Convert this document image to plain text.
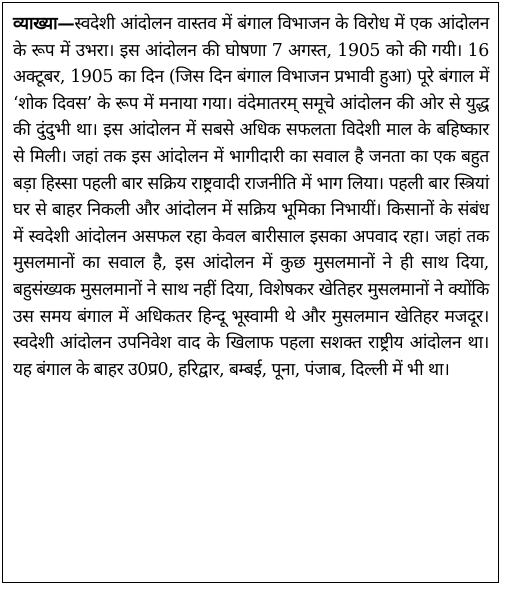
व्याख्या—स्वदेशी आंदोलन वास्तव में बंगाल विभाजन के विरोध में एक आंदोलन के रूप में उभरा। इस आंदोलन की घोषणा 7 अगस्त, 1905 को की गयी। 16 अक्टूबर, 1905 का दिन (जिस दिन बंगाल विभाजन प्रभावी हुआ) पूरे बंगाल में ‘शोक दिवस’ के रूप में मनाया गया। वंदेमातरम् समूचे आंदोलन की ओर से युद्ध की दुंदुभी था। इस आंदोलन में सबसे अधिक सफलता विदेशी माल के बहिष्कार से मिली। जहां तक इस आंदोलन में भागीदारी का सवाल है जनता का एक बहुत बड़ा हिस्सा पहली बार सक्रिय राष्ट्रवादी राजनीति में भाग लिया। पहली बार स्त्रियां घर से बाहर निकली और आंदोलन में सक्रिय भूमिका निभायीं। किसानों के संबंध में स्वदेशी आंदोलन असफल रहा केवल बारीसाल इसका अपवाद रहा। जहां तक मुसलमानों का सवाल है, इस आंदोलन में कुछ मुसलमानों ने ही साथ दिया, बहुसंख्यक मुसलमानों ने साथ नहीं दिया, विशेषकर खेतिहर मुसलमानों ने क्योंकि उस समय बंगाल में अधिकतर हिन्दू भूस्वामी थे और मुसलमान खेतिहर मजदूर। स्वदेशी आंदोलन उपनिवेश वाद के खिलाफ पहला सशक्त राष्ट्रीय आंदोलन था। यह बंगाल के बाहर उ0प्र0, हरिद्वार, बम्बई, पूना, पंजाब, दिल्ली में भी था।
